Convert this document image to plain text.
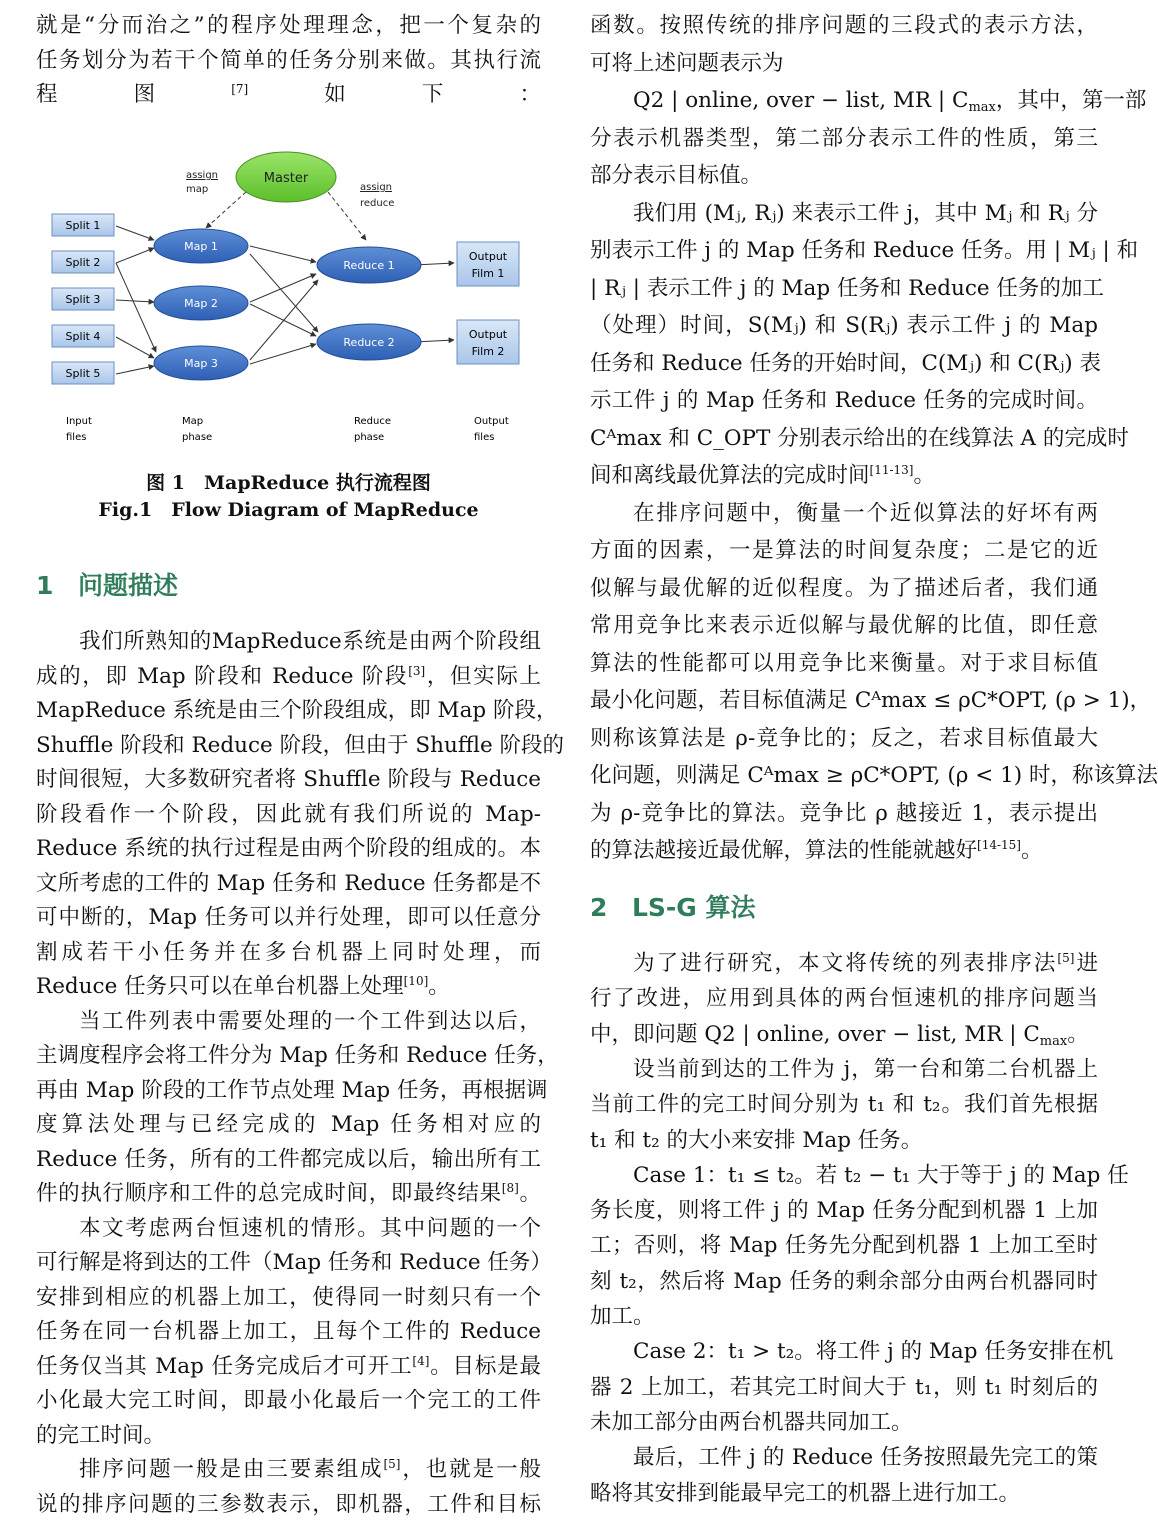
就是“分而治之”的程序处理理念，把一个复杂的
任务划分为若干个简单的任务分别来做。其执行流
程图[7]如下：
Master
assign
map	assign
reduce
Split 1
Split 2
Split 3
Split 4
Split 5
Map 1
Map 2
Map 3
Reduce 1
Reduce 2
Output
Film 1
Output
Film 2
Input
files
Map
phase
Reduce
phase
Output
files
图 1　MapReduce 执行流程图
Fig.1　Flow Diagram of MapReduce
1 问题描述
我们所熟知的MapReduce系统是由两个阶段组
成的，即 Map 阶段和 Reduce 阶段[3]，但实际上
MapReduce 系统是由三个阶段组成，即 Map 阶段，
Shuffle 阶段和 Reduce 阶段，但由于 Shuffle 阶段的
时间很短，大多数研究者将 Shuffle 阶段与 Reduce
阶段看作一个阶段，因此就有我们所说的 Map-
Reduce 系统的执行过程是由两个阶段的组成的。本
文所考虑的工件的 Map 任务和 Reduce 任务都是不
可中断的，Map 任务可以并行处理，即可以任意分
割成若干小任务并在多台机器上同时处理，而
Reduce 任务只可以在单台机器上处理[10]。
当工件列表中需要处理的一个工件到达以后，
主调度程序会将工件分为 Map 任务和 Reduce 任务，
再由 Map 阶段的工作节点处理 Map 任务，再根据调
度算法处理与已经完成的 Map 任务相对应的
Reduce 任务，所有的工件都完成以后，输出所有工
件的执行顺序和工件的总完成时间，即最终结果[8]。
本文考虑两台恒速机的情形。其中问题的一个
可行解是将到达的工件（Map 任务和 Reduce 任务）
安排到相应的机器上加工，使得同一时刻只有一个
任务在同一台机器上加工，且每个工件的 Reduce
任务仅当其 Map 任务完成后才可开工[4]。目标是最
小化最大完工时间，即最小化最后一个完工的工件
的完工时间。
排序问题一般是由三要素组成[5]，也就是一般
说的排序问题的三参数表示，即机器，工件和目标
函数。按照传统的排序问题的三段式的表示方法，
可将上述问题表示为
Q2 | online, over − list, MR | $C_{max}$，其中，第一部
分表示机器类型，第二部分表示工件的性质，第三
部分表示目标值。
我们用 (Mⱼ, Rⱼ) 来表示工件 j，其中 Mⱼ 和 Rⱼ 分
别表示工件 j 的 Map 任务和 Reduce 任务。用 | Mⱼ | 和
| Rⱼ | 表示工件 j 的 Map 任务和 Reduce 任务的加工
（处理）时间，S(Mⱼ) 和 S(Rⱼ) 表示工件 j 的 Map
任务和 Reduce 任务的开始时间，C(Mⱼ) 和 C(Rⱼ) 表
示工件 j 的 Map 任务和 Reduce 任务的完成时间。
Cᴬmax 和 C_OPT 分别表示给出的在线算法 A 的完成时
间和离线最优算法的完成时间[11-13]。
在排序问题中，衡量一个近似算法的好坏有两
方面的因素，一是算法的时间复杂度；二是它的近
似解与最优解的近似程度。为了描述后者，我们通
常用竞争比来表示近似解与最优解的比值，即任意
算法的性能都可以用竞争比来衡量。对于求目标值
最小化问题，若目标值满足 Cᴬmax ≤ ρC*OPT, (ρ > 1)，
则称该算法是 ρ-竞争比的；反之，若求目标值最大
化问题，则满足 Cᴬmax ≥ ρC*OPT, (ρ < 1) 时，称该算法
为 ρ-竞争比的算法。竞争比 ρ 越接近 1，表示提出
的算法越接近最优解，算法的性能就越好[14-15]。
2 LS-G 算法
为了进行研究，本文将传统的列表排序法[5]进
行了改进，应用到具体的两台恒速机的排序问题当
中，即问题 Q2 | online, over − list, MR | $C_{max}$。
设当前到达的工件为 j，第一台和第二台机器上
当前工件的完工时间分别为 t₁ 和 t₂。我们首先根据
t₁ 和 t₂ 的大小来安排 Map 任务。
Case 1：t₁ ≤ t₂。若 t₂ − t₁ 大于等于 j 的 Map 任
务长度，则将工件 j 的 Map 任务分配到机器 1 上加
工；否则，将 Map 任务先分配到机器 1 上加工至时
刻 t₂，然后将 Map 任务的剩余部分由两台机器同时
加工。
Case 2：t₁ > t₂。将工件 j 的 Map 任务安排在机
器 2 上加工，若其完工时间大于 t₁，则 t₁ 时刻后的
未加工部分由两台机器共同加工。
最后，工件 j 的 Reduce 任务按照最先完工的策
略将其安排到能最早完工的机器上进行加工。
